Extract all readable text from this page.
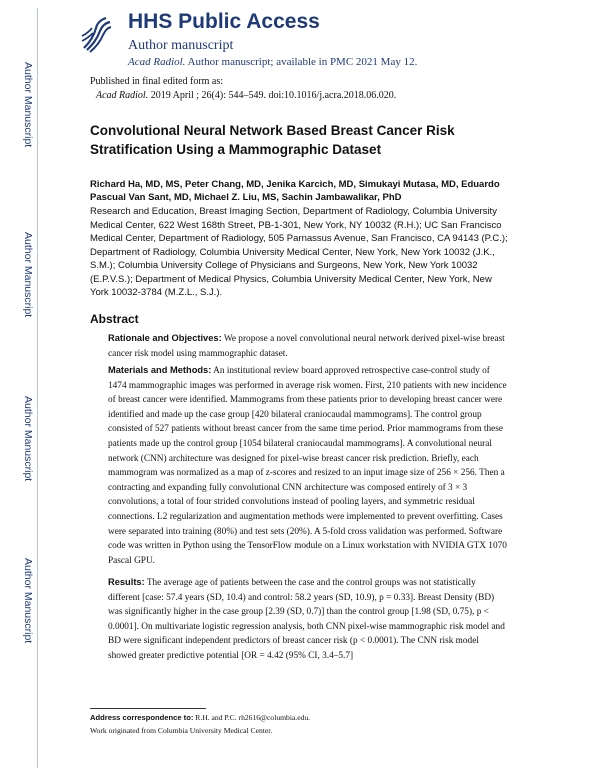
Author Manuscript
Author Manuscript
Author Manuscript
Author Manuscript
HHS Public Access
Author manuscript
Acad Radiol. Author manuscript; available in PMC 2021 May 12.
Published in final edited form as:
Acad Radiol. 2019 April ; 26(4): 544–549. doi:10.1016/j.acra.2018.06.020.
Convolutional Neural Network Based Breast Cancer Risk Stratification Using a Mammographic Dataset
Richard Ha, MD, MS, Peter Chang, MD, Jenika Karcich, MD, Simukayi Mutasa, MD, Eduardo Pascual Van Sant, MD, Michael Z. Liu, MS, Sachin Jambawalikar, PhD
Research and Education, Breast Imaging Section, Department of Radiology, Columbia University Medical Center, 622 West 168th Street, PB-1-301, New York, NY 10032 (R.H.); UC San Francisco Medical Center, Department of Radiology, 505 Parnassus Avenue, San Francisco, CA 94143 (P.C.); Department of Radiology, Columbia University Medical Center, New York, New York 10032 (J.K., S.M.); Columbia University College of Physicians and Surgeons, New York, New York 10032 (E.P.V.S.); Department of Medical Physics, Columbia University Medical Center, New York, New York 10032-3784 (M.Z.L., S.J.).
Abstract
Rationale and Objectives: We propose a novel convolutional neural network derived pixel-wise breast cancer risk model using mammographic dataset.
Materials and Methods: An institutional review board approved retrospective case-control study of 1474 mammographic images was performed in average risk women. First, 210 patients with new incidence of breast cancer were identified. Mammograms from these patients prior to developing breast cancer were identified and made up the case group [420 bilateral craniocaudal mammograms]. The control group consisted of 527 patients without breast cancer from the same time period. Prior mammograms from these patients made up the control group [1054 bilateral craniocaudal mammograms]. A convolutional neural network (CNN) architecture was designed for pixel-wise breast cancer risk prediction. Briefly, each mammogram was normalized as a map of z-scores and resized to an input image size of 256 × 256. Then a contracting and expanding fully convolutional CNN architecture was composed entirely of 3 × 3 convolutions, a total of four strided convolutions instead of pooling layers, and symmetric residual connections. L2 regularization and augmentation methods were implemented to prevent overfitting. Cases were separated into training (80%) and test sets (20%). A 5-fold cross validation was performed. Software code was written in Python using the TensorFlow module on a Linux workstation with NVIDIA GTX 1070 Pascal GPU.
Results: The average age of patients between the case and the control groups was not statistically different [case: 57.4 years (SD, 10.4) and control: 58.2 years (SD, 10.9), p = 0.33]. Breast Density (BD) was significantly higher in the case group [2.39 (SD, 0.7)] than the control group [1.98 (SD, 0.75), p < 0.0001]. On multivariate logistic regression analysis, both CNN pixel-wise mammographic risk model and BD were significant independent predictors of breast cancer risk (p < 0.0001). The CNN risk model showed greater predictive potential [OR = 4.42 (95% CI, 3.4–5.7]
Address correspondence to: R.H. and P.C. rh2616@columbia.edu.
Work originated from Columbia University Medical Center.
